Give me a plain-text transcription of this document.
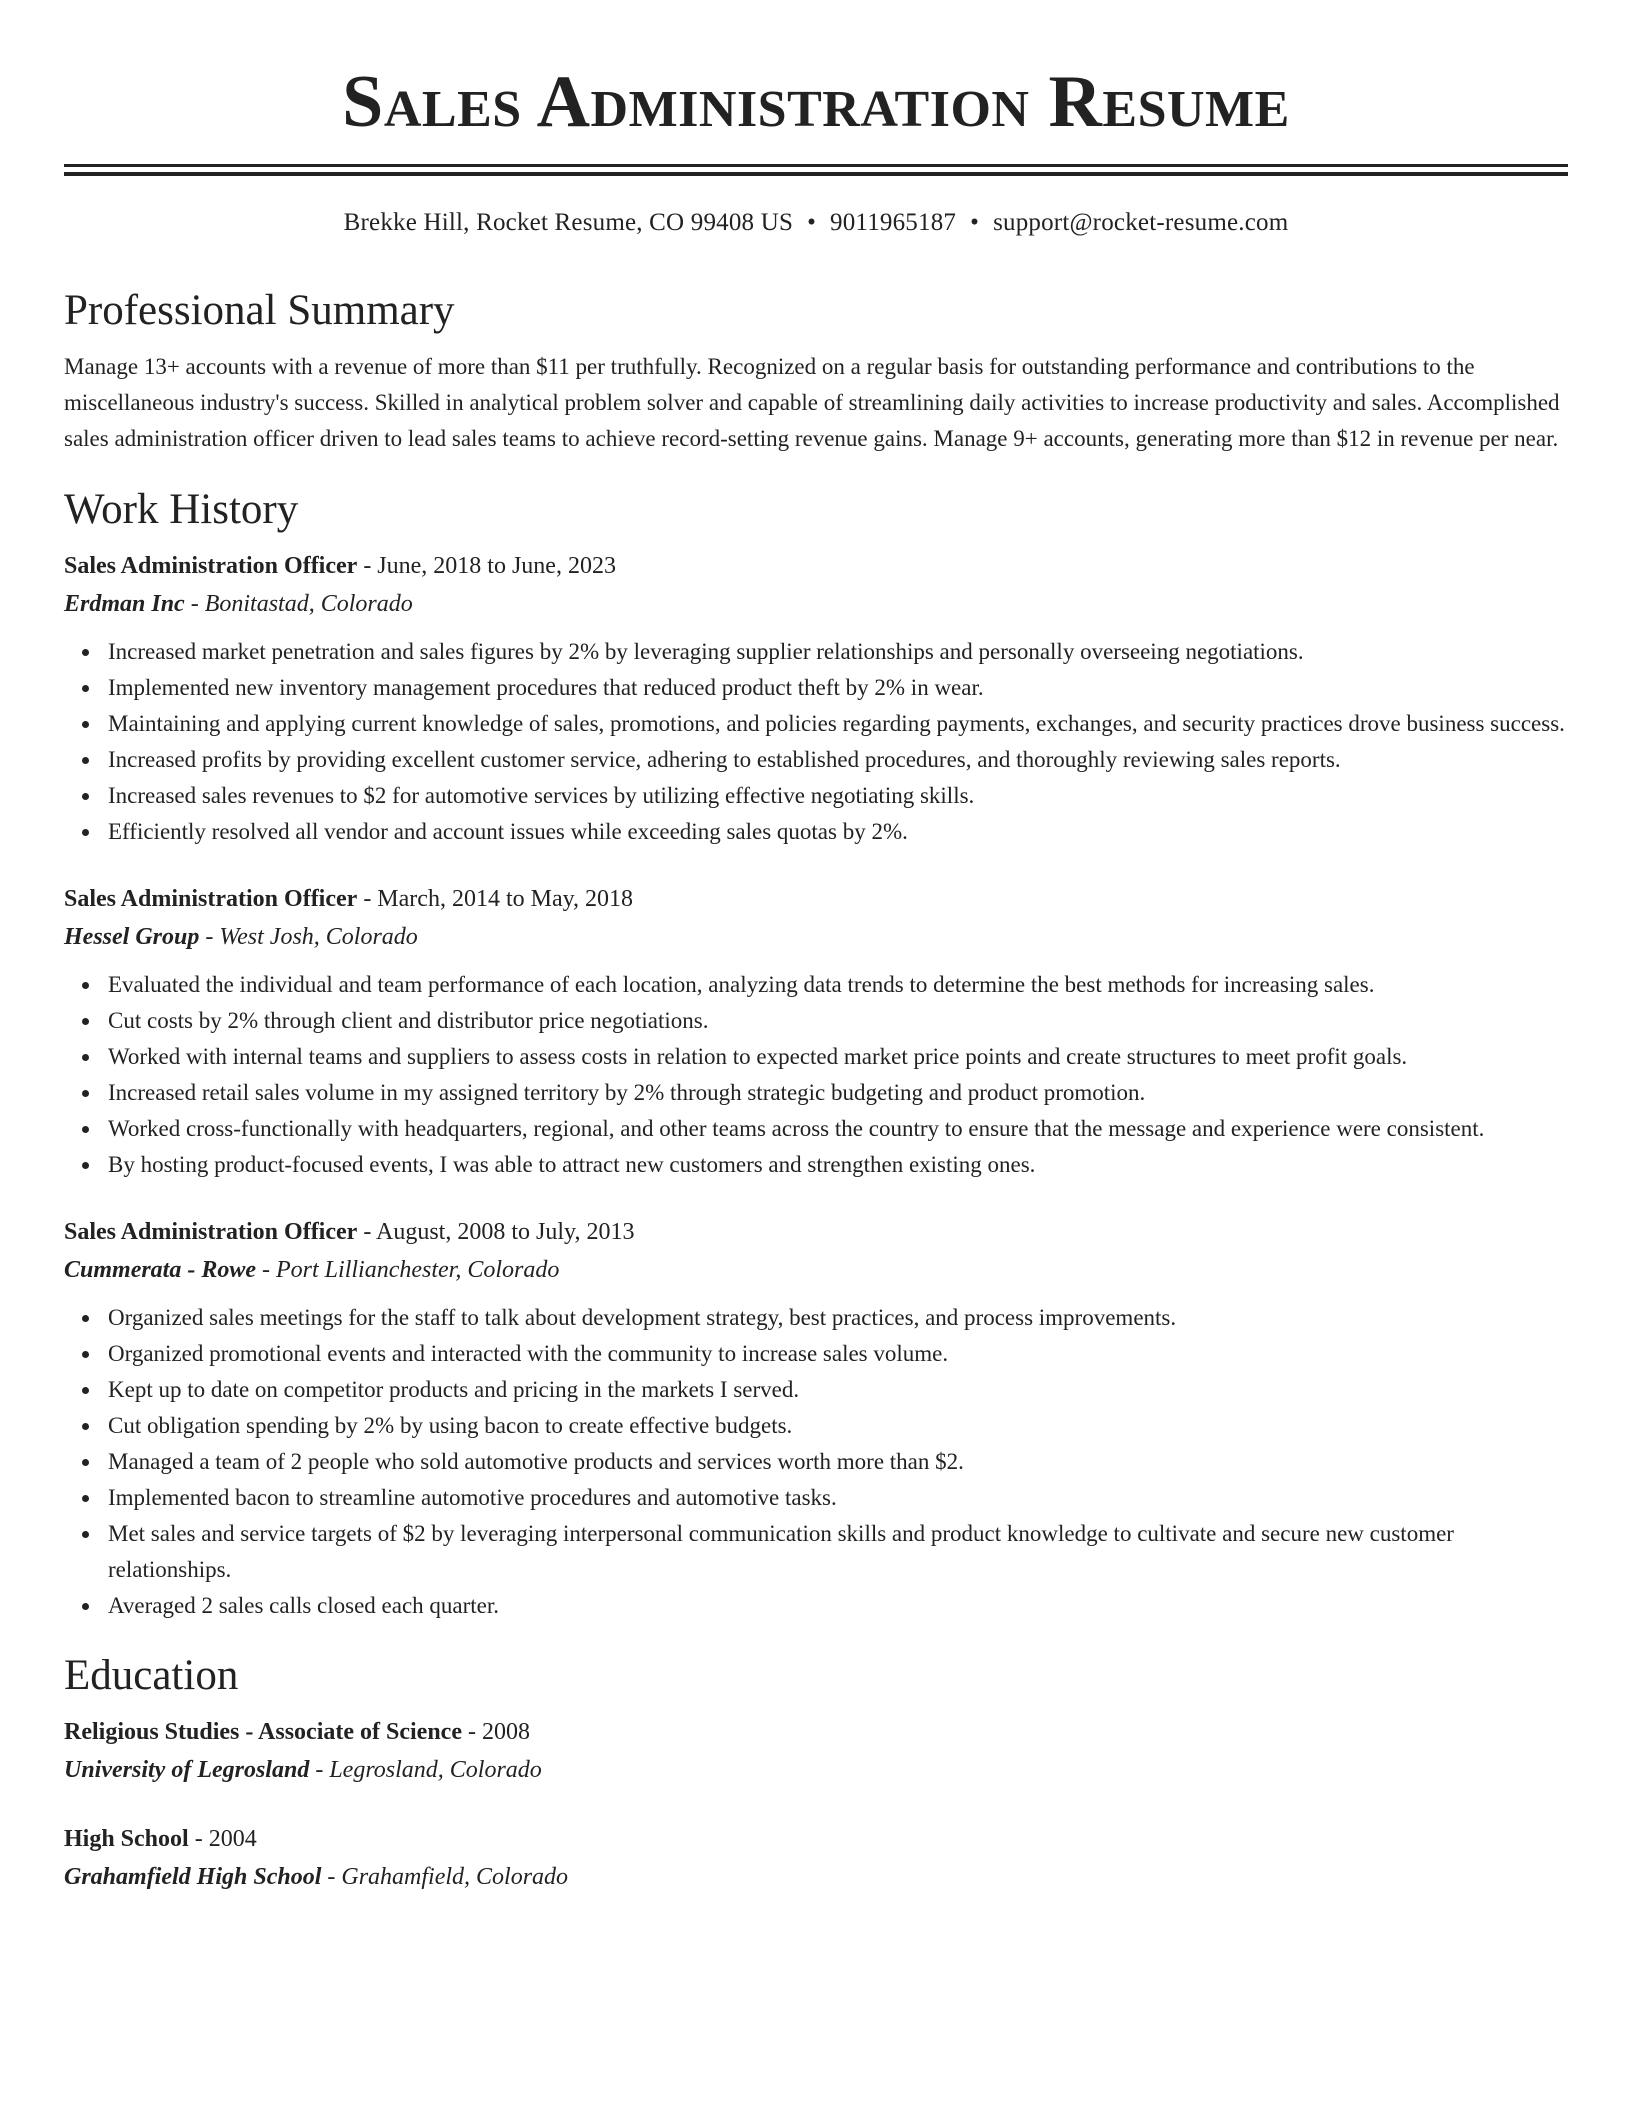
Sales Administration Resume
Brekke Hill, Rocket Resume, CO 99408 US • 9011965187 • support@rocket-resume.com
Professional Summary

Manage 13+ accounts with a revenue of more than $11 per truthfully. Recognized on a regular basis for outstanding performance and contributions to the miscellaneous industry's success. Skilled in analytical problem solver and capable of streamlining daily activities to increase productivity and sales. Accomplished sales administration officer driven to lead sales teams to achieve record-setting revenue gains. Manage 9+ accounts, generating more than $12 in revenue per near.

Work History
Sales Administration Officer - June, 2018 to June, 2023
Erdman Inc - Bonitastad, Colorado
Increased market penetration and sales figures by 2% by leveraging supplier relationships and personally overseeing negotiations.
Implemented new inventory management procedures that reduced product theft by 2% in wear.
Maintaining and applying current knowledge of sales, promotions, and policies regarding payments, exchanges, and security practices drove business success.
Increased profits by providing excellent customer service, adhering to established procedures, and thoroughly reviewing sales reports.
Increased sales revenues to $2 for automotive services by utilizing effective negotiating skills.
Efficiently resolved all vendor and account issues while exceeding sales quotas by 2%.
Sales Administration Officer - March, 2014 to May, 2018
Hessel Group - West Josh, Colorado
Evaluated the individual and team performance of each location, analyzing data trends to determine the best methods for increasing sales.
Cut costs by 2% through client and distributor price negotiations.
Worked with internal teams and suppliers to assess costs in relation to expected market price points and create structures to meet profit goals.
Increased retail sales volume in my assigned territory by 2% through strategic budgeting and product promotion.
Worked cross-functionally with headquarters, regional, and other teams across the country to ensure that the message and experience were consistent.
By hosting product-focused events, I was able to attract new customers and strengthen existing ones.
Sales Administration Officer - August, 2008 to July, 2013
Cummerata - Rowe - Port Lillianchester, Colorado
Organized sales meetings for the staff to talk about development strategy, best practices, and process improvements.
Organized promotional events and interacted with the community to increase sales volume.
Kept up to date on competitor products and pricing in the markets I served.
Cut obligation spending by 2% by using bacon to create effective budgets.
Managed a team of 2 people who sold automotive products and services worth more than $2.
Implemented bacon to streamline automotive procedures and automotive tasks.
Met sales and service targets of $2 by leveraging interpersonal communication skills and product knowledge to cultivate and secure new customer relationships.
Averaged 2 sales calls closed each quarter.
Education
Religious Studies - Associate of Science - 2008
University of Legrosland - Legrosland, Colorado
High School - 2004
Grahamfield High School - Grahamfield, Colorado
